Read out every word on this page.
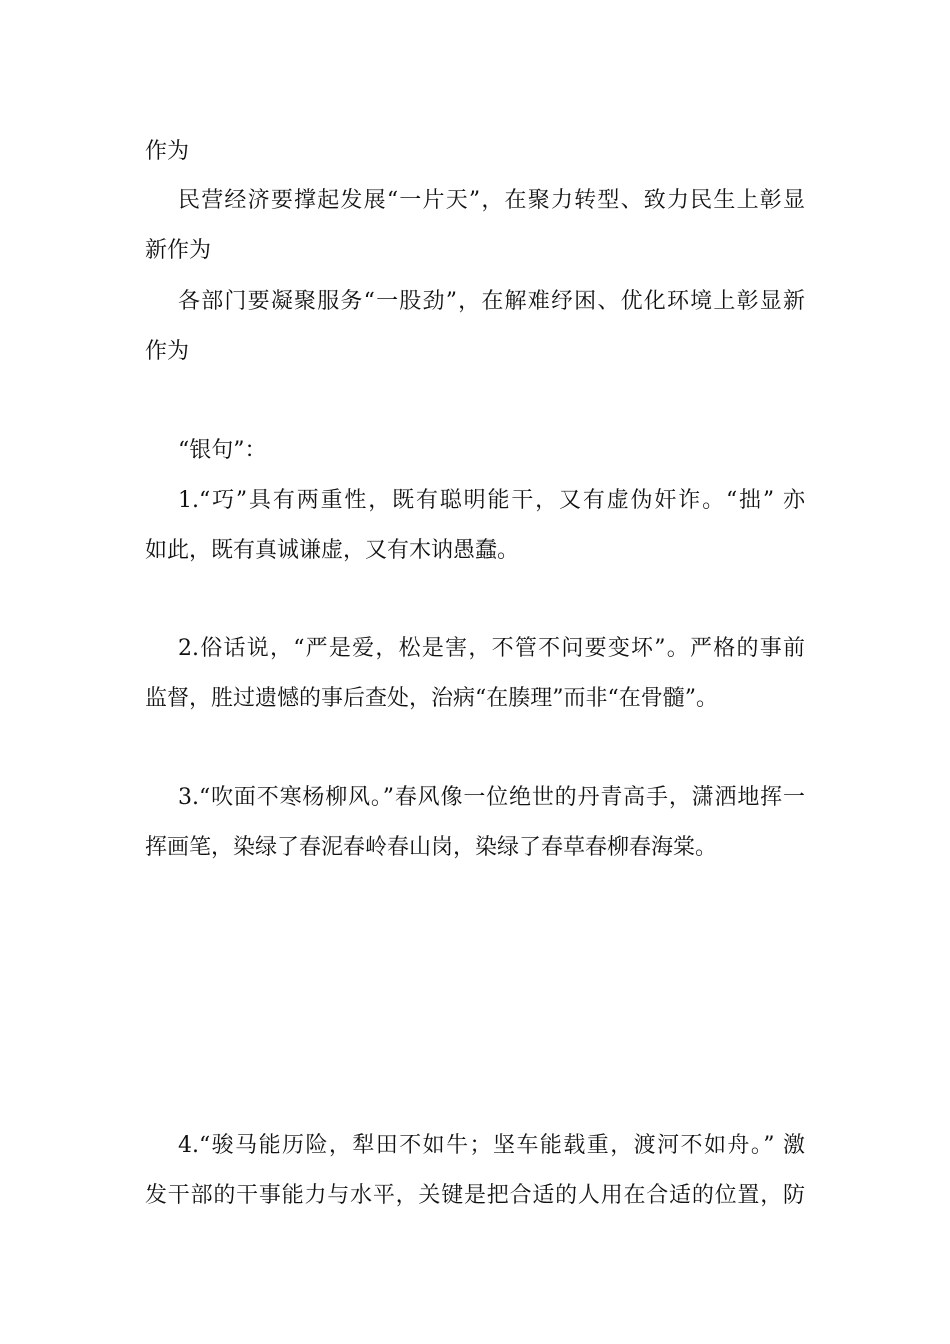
作为
民营经济要撑起发展“一片天”，在聚力转型、致力民生上彰显
新作为
各部门要凝聚服务“一股劲”，在解难纾困、优化环境上彰显新
作为
“银句”：
1.“巧”具有两重性，既有聪明能干，又有虚伪奸诈。“拙” 亦
如此，既有真诚谦虚，又有木讷愚蠢。
2.俗话说，“严是爱，松是害，不管不问要变坏”。严格的事前
监督，胜过遗憾的事后查处，治病“在腠理”而非“在骨髓”。
3.“吹面不寒杨柳风。”春风像一位绝世的丹青高手，潇洒地挥一
挥画笔，染绿了春泥春岭春山岗，染绿了春草春柳春海棠。
4.“骏马能历险，犁田不如牛；坚车能载重，渡河不如舟。” 激
发干部的干事能力与水平，关键是把合适的人用在合适的位置，防
